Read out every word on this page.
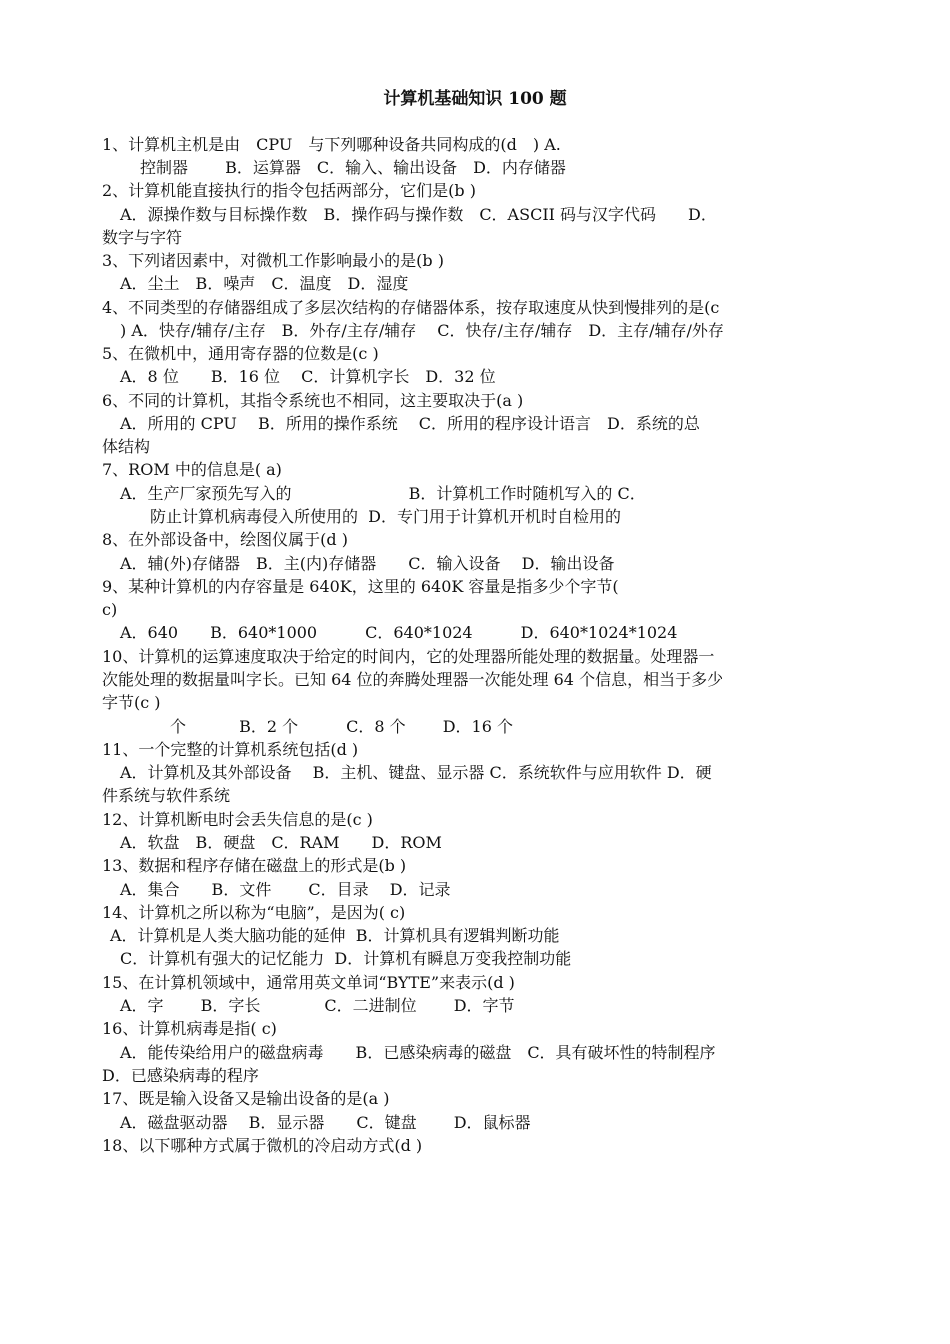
计算机基础知识 100 题
1、计算机主机是由　CPU　与下列哪种设备共同构成的(d　) A.
控制器　　 B．运算器　C．输入、输出设备　D．内存储器
2、计算机能直接执行的指令包括两部分，它们是(b )
A．源操作数与目标操作数　B．操作码与操作数　C．ASCII 码与汉字代码　　D．
数字与字符
3、下列诸因素中，对微机工作影响最小的是(b )
A．尘土　B．噪声　C．温度　D．湿度
4、不同类型的存储器组成了多层次结构的存储器体系，按存取速度从快到慢排列的是(c
) A．快存/辅存/主存　B．外存/主存/辅存　 C．快存/主存/辅存　D．主存/辅存/外存
5、在微机中，通用寄存器的位数是(c )
A．8 位　　B．16 位　 C．计算机字长　D．32 位
6、不同的计算机，其指令系统也不相同，这主要取决于(a )
A．所用的 CPU　 B．所用的操作系统　 C．所用的程序设计语言　D．系统的总
体结构
7、ROM 中的信息是( a)
A．生产厂家预先写入的　　　　　　　 B．计算机工作时随机写入的 C．
防止计算机病毒侵入所使用的  D．专门用于计算机开机时自检用的
8、在外部设备中，绘图仪属于(d )
A．辅(外)存储器　B．主(内)存储器　　C．输入设备　 D．输出设备
9、某种计算机的内存容量是 640K，这里的 640K 容量是指多少个字节(
c)
A．640　　B．640*1000　　　C．640*1024　　　D．640*1024*1024
10、计算机的运算速度取决于给定的时间内，它的处理器所能处理的数据量。处理器一
次能处理的数据量叫字长。已知 64 位的奔腾处理器一次能处理 64 个信息，相当于多少
字节(c )
个　　　 B．2 个　　　C．8 个　　 D．16 个
11、一个完整的计算机系统包括(d )
A．计算机及其外部设备　 B．主机、键盘、显示器 C．系统软件与应用软件 D．硬
件系统与软件系统
12、计算机断电时会丢失信息的是(c )
A．软盘　B．硬盘　C．RAM　　D．ROM
13、数据和程序存储在磁盘上的形式是(b )
A．集合　　B．文件　　 C．目录　 D．记录
14、计算机之所以称为“电脑”，是因为( c)
A．计算机是人类大脑功能的延伸  B．计算机具有逻辑判断功能
C．计算机有强大的记忆能力  D．计算机有瞬息万变我控制功能
15、在计算机领域中，通常用英文单词“BYTE”来表示(d )
A．字　　 B．字长　　　　C．二进制位　　 D．字节
16、计算机病毒是指( c)
A．能传染给用户的磁盘病毒　　B．已感染病毒的磁盘　C．具有破坏性的特制程序
D．已感染病毒的程序
17、既是输入设备又是输出设备的是(a )
A．磁盘驱动器　 B．显示器　　C．键盘　　 D．鼠标器
18、以下哪种方式属于微机的冷启动方式(d )
